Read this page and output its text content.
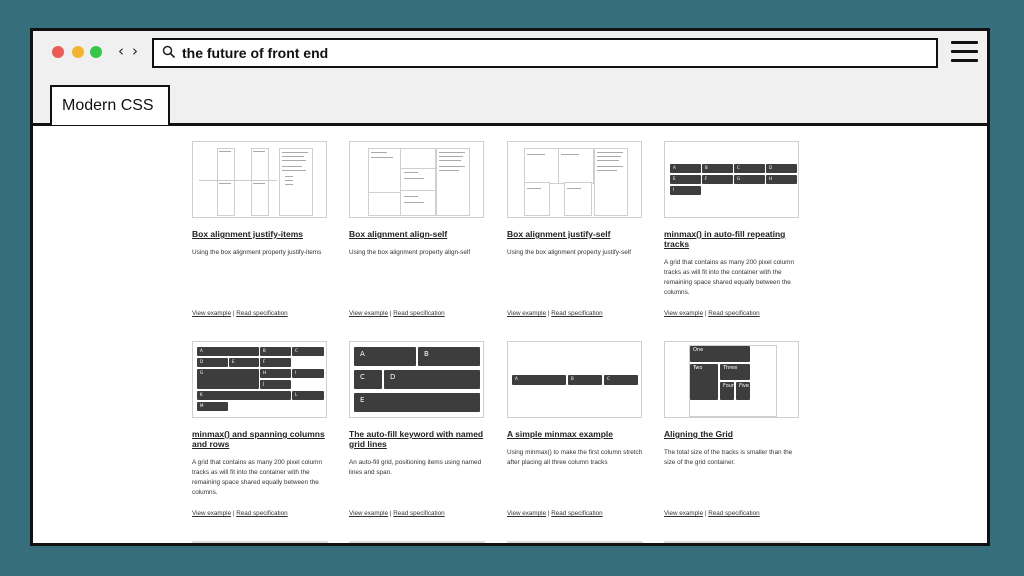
‹ ›	the future of front end
Modern CSS
Box alignment justify-items
Using the box alignment property justify-items
View example | Read specification
Box alignment align-self
Using the box alignment property align-self
View example | Read specification
Box alignment justify-self
Using the box alignment property justify-self
View example | Read specification
A	B	C	D
E	F	G	H
I
minmax() in auto-fill repeating tracks
A grid that contains as many 200 pixel column tracks as will fit into the container with the remaining space shared equally between the columns.
View example | Read specification
A	B	C
D	E	F
G	H	I
J
K	L
M
minmax() and spanning columns and rows
A grid that contains as many 200 pixel column tracks as will fit into the container with the remaining space shared equally between the columns.
View example | Read specification
A	B
C	D
E
The auto-fill keyword with named grid lines
An auto-fill grid, positioning items using named lines and span.
View example | Read specification
A	B	C
A simple minmax example
Using minmax() to make the first column stretch after placing all three column tracks
View example | Read specification
One
Two	Three
Four Five
Aligning the Grid
The total size of the tracks is smaller than the size of the grid container.
View example | Read specification
